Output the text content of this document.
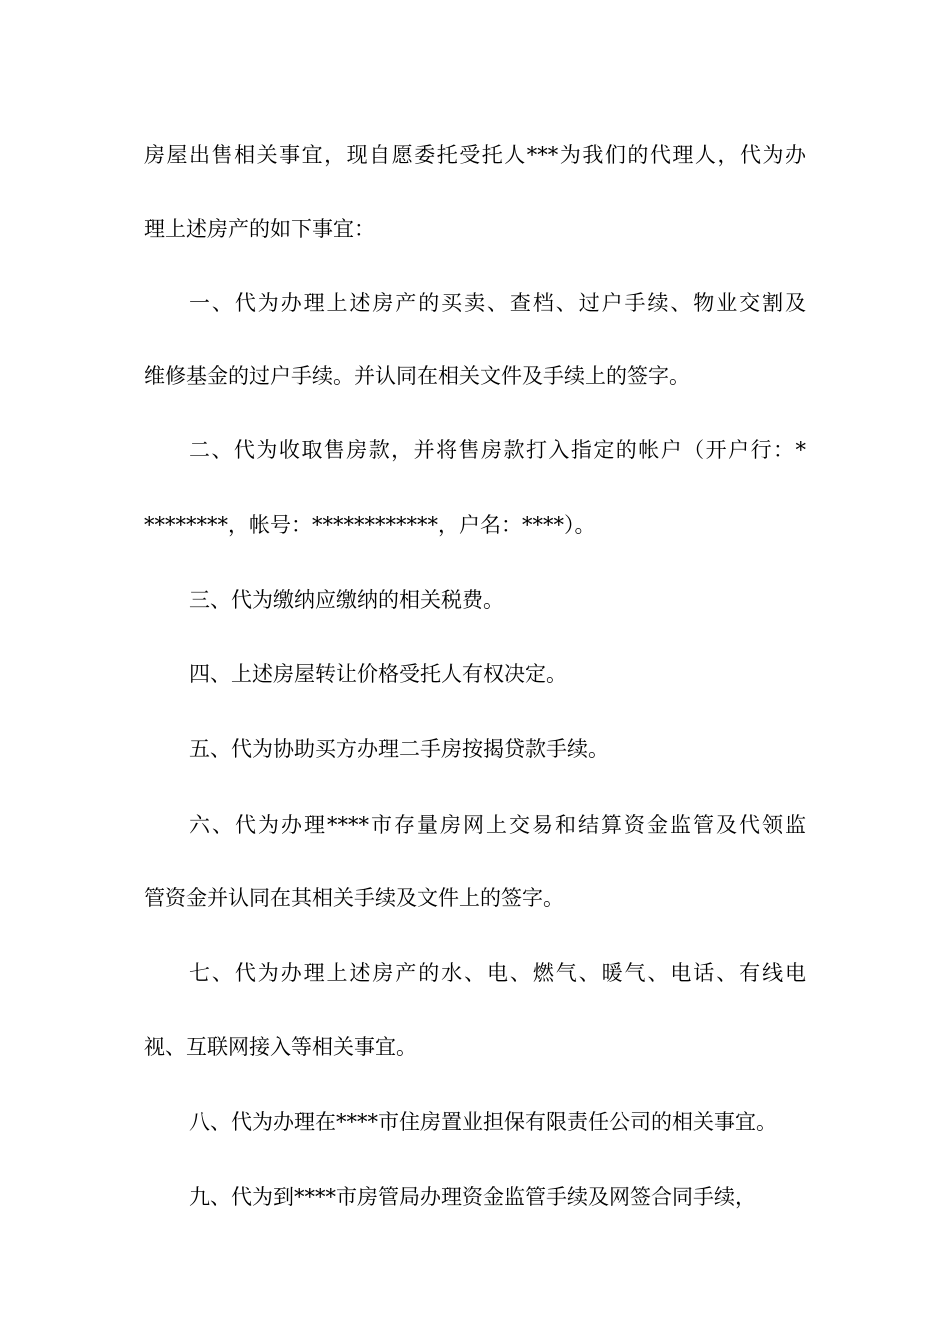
房屋出售相关事宜，现自愿委托受托人***为我们的代理人，代为办
理上述房产的如下事宜：
一、代为办理上述房产的买卖、查档、过户手续、物业交割及
维修基金的过户手续。并认同在相关文件及手续上的签字。
二、代为收取售房款，并将售房款打入指定的帐户（开户行：*
********，帐号：************，户名：****）。
三、代为缴纳应缴纳的相关税费。
四、上述房屋转让价格受托人有权决定。
五、代为协助买方办理二手房按揭贷款手续。
六、代为办理****市存量房网上交易和结算资金监管及代领监
管资金并认同在其相关手续及文件上的签字。
七、代为办理上述房产的水、电、燃气、暖气、电话、有线电
视、互联网接入等相关事宜。
八、代为办理在****市住房置业担保有限责任公司的相关事宜。
九、代为到****市房管局办理资金监管手续及网签合同手续，
